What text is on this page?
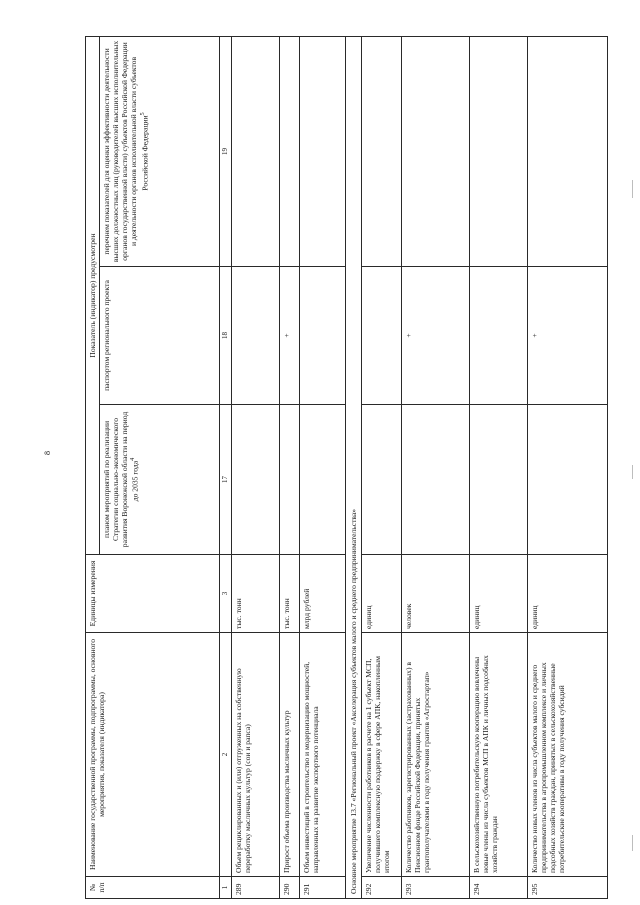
8
№ п/п	Наименование государственной программы, подпрограммы, основного мероприятия, показателя (индикатора)	Единицы измерения	Показатель (индикатор) предусмотрен		
			планом мероприятий по реализации Стратегии социально-экономического развития Воронежской области на период до 2035 года$^4$	паспортом регионального проекта	перечнем показателей для оценки эффективности деятельности высших должностных лиц (руководителей высших исполнительных органов государственной власти) субъектов Российской Федерации и деятельности органов исполнительной власти субъектов Российской Федерации$^5$
1	2	3	17	18	19
289	Объем рециклированных и (или) отгруженных на собственную переработку масличных культур (сои и рапса)	тыс. тонн			
290	Прирост объема производства масличных культур	тыс. тонн		+	
291	Объем инвестиций в строительство и модернизацию мощностей, направленных на развитие экспортного потенциала	млрд рублей			
Основное мероприятие 13.7 «Региональный проект «Акселерация субъектов малого и среднего предпринимательства»					
292	Увеличение численности работников в расчете на 1 субъект МСП, получившего комплексную поддержку в сфере АПК, накопленным итогом	единиц			
293	Количество работников, зарегистрированных (застрахованных) в Пенсионном фонде Российской Федерации, принятых грантополучателями в году получения грантов «Агростартап»	человек		+	
294	В сельскохозяйственную потребительскую кооперацию вовлечены новые члены из числа субъектов МСП в АПК и личных подсобных хозяйств граждан	единиц			
295	Количество новых членов из числа субъектов малого и среднего предпринимательства в агропромышленном комплексе и личных подсобных хозяйств граждан, принятых в сельскохозяйственные потребительские кооперативы в году получения субсидий	единиц		+	
